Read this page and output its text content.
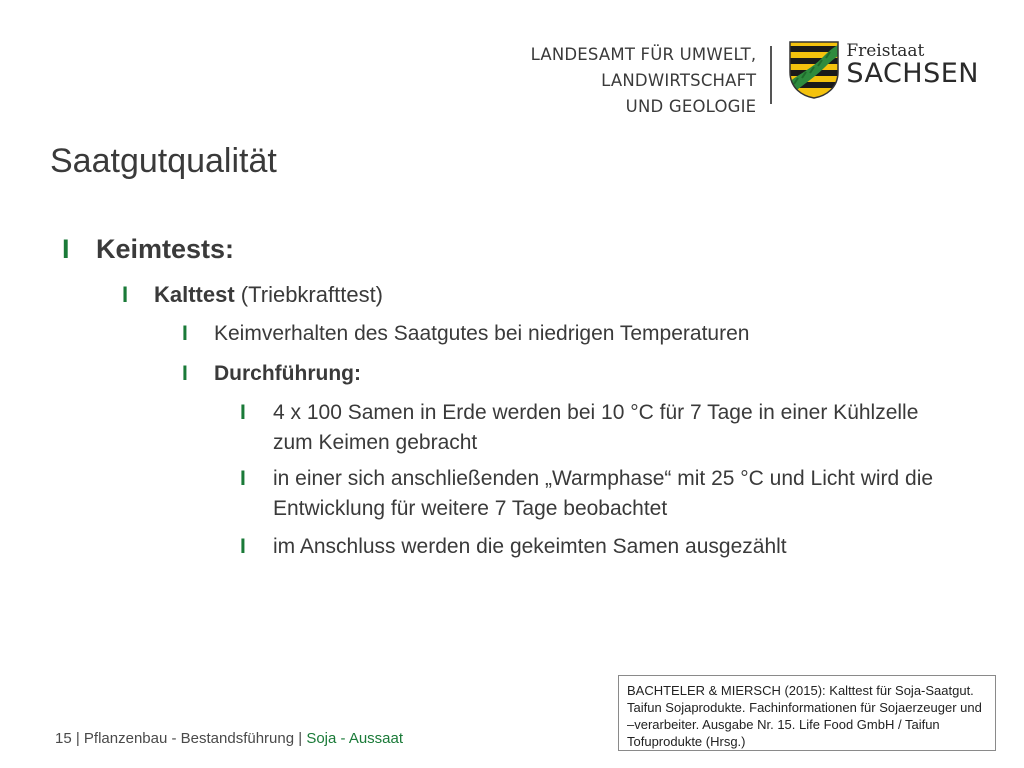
LANDESAMT FÜR UMWELT,
LANDWIRTSCHAFT
UND GEOLOGIE
Freistaat
SACHSEN
Saatgutqualität
I Keimtests:
I	Kalttest (Triebkrafttest)
I	Keimverhalten des Saatgutes bei niedrigen Temperaturen
I	Durchführung:
I	4 x 100 Samen in Erde werden bei 10 °C für 7 Tage in einer Kühlzelle zum Keimen gebracht
I	in einer sich anschließenden „Warmphase“ mit 25 °C und Licht wird die Entwicklung für weitere 7 Tage beobachtet
I	im Anschluss werden die gekeimten Samen ausgezählt
BACHTELER & MIERSCH (2015): Kalttest für Soja-Saatgut. Taifun Sojaprodukte. Fachinformationen für Sojaerzeuger und –verarbeiter. Ausgabe Nr. 15. Life Food GmbH / Taifun Tofuprodukte (Hrsg.)
15 | Pflanzenbau - Bestandsführung | Soja - Aussaat
